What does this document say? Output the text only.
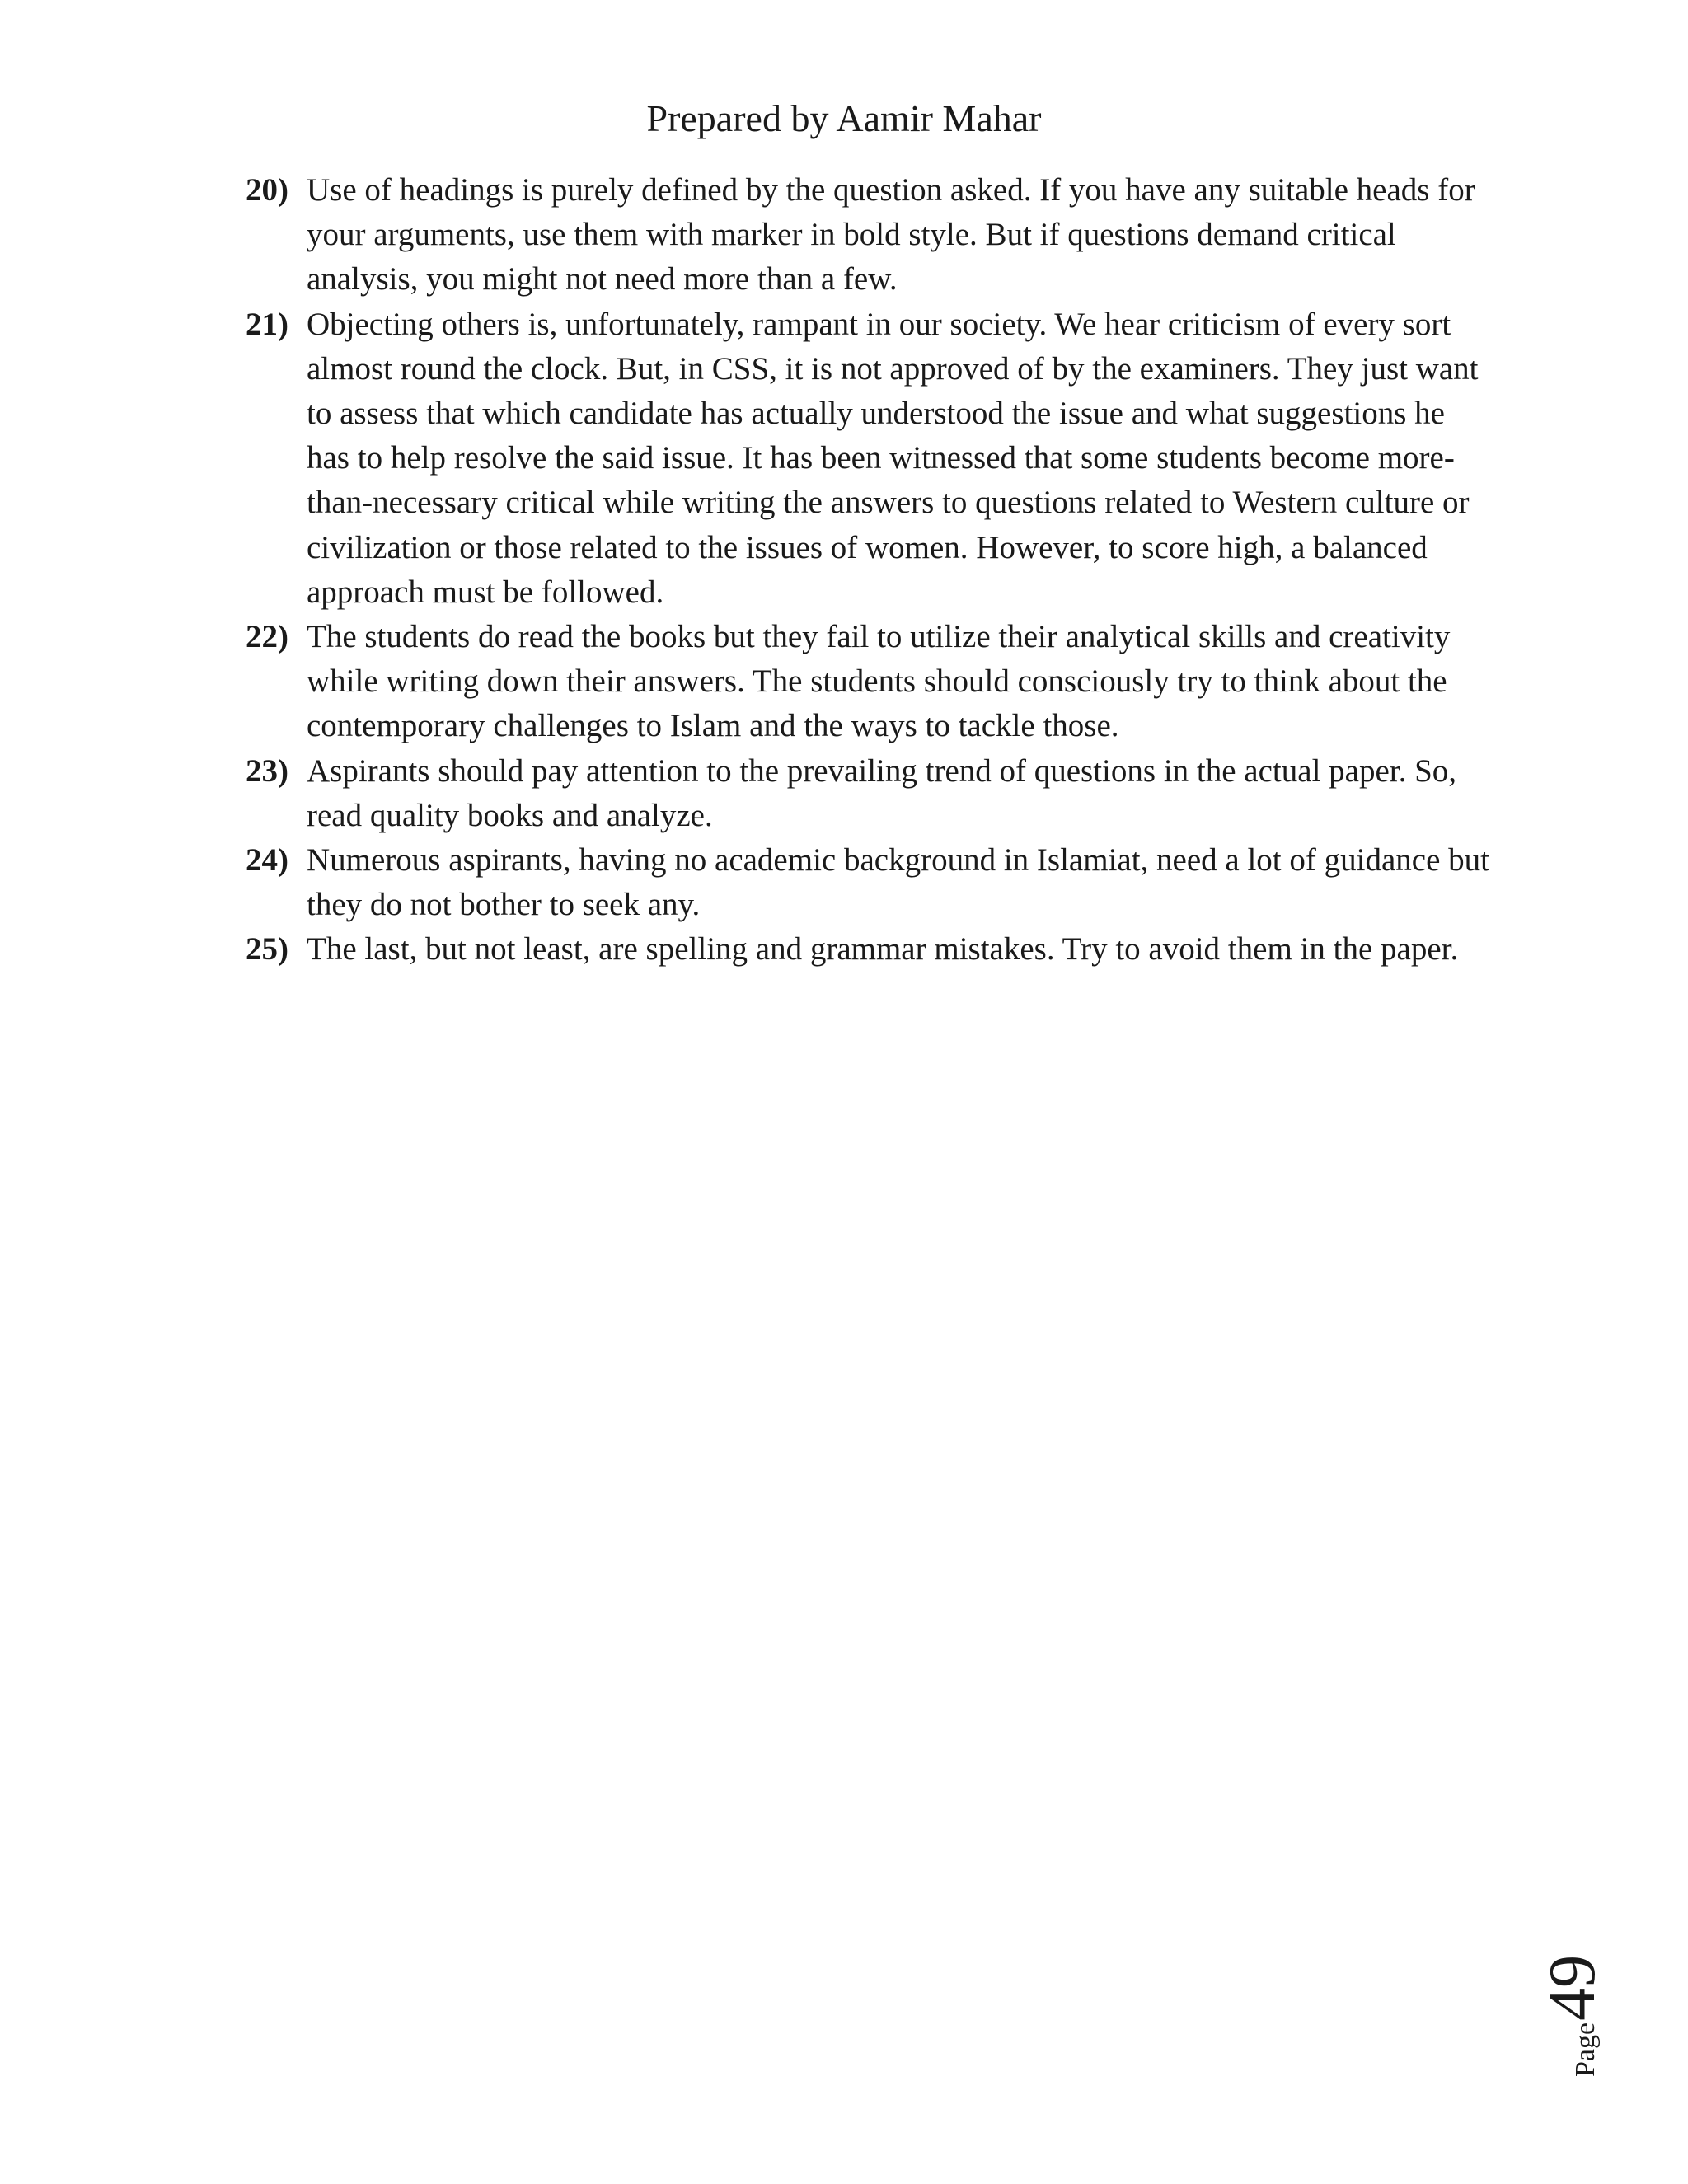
Prepared by Aamir Mahar
20) Use of headings is purely defined by the question asked. If you have any suitable heads for your arguments, use them with marker in bold style. But if questions demand critical analysis, you might not need more than a few.
21) Objecting others is, unfortunately, rampant in our society. We hear criticism of every sort almost round the clock. But, in CSS, it is not approved of by the examiners. They just want to assess that which candidate has actually understood the issue and what suggestions he has to help resolve the said issue. It has been witnessed that some students become more-than-necessary critical while writing the answers to questions related to Western culture or civilization or those related to the issues of women. However, to score high, a balanced approach must be followed.
22) The students do read the books but they fail to utilize their analytical skills and creativity while writing down their answers. The students should consciously try to think about the contemporary challenges to Islam and the ways to tackle those.
23) Aspirants should pay attention to the prevailing trend of questions in the actual paper. So, read quality books and analyze.
24) Numerous aspirants, having no academic background in Islamiat, need a lot of guidance but they do not bother to seek any.
25) The last, but not least, are spelling and grammar mistakes. Try to avoid them in the paper.
Page
49
